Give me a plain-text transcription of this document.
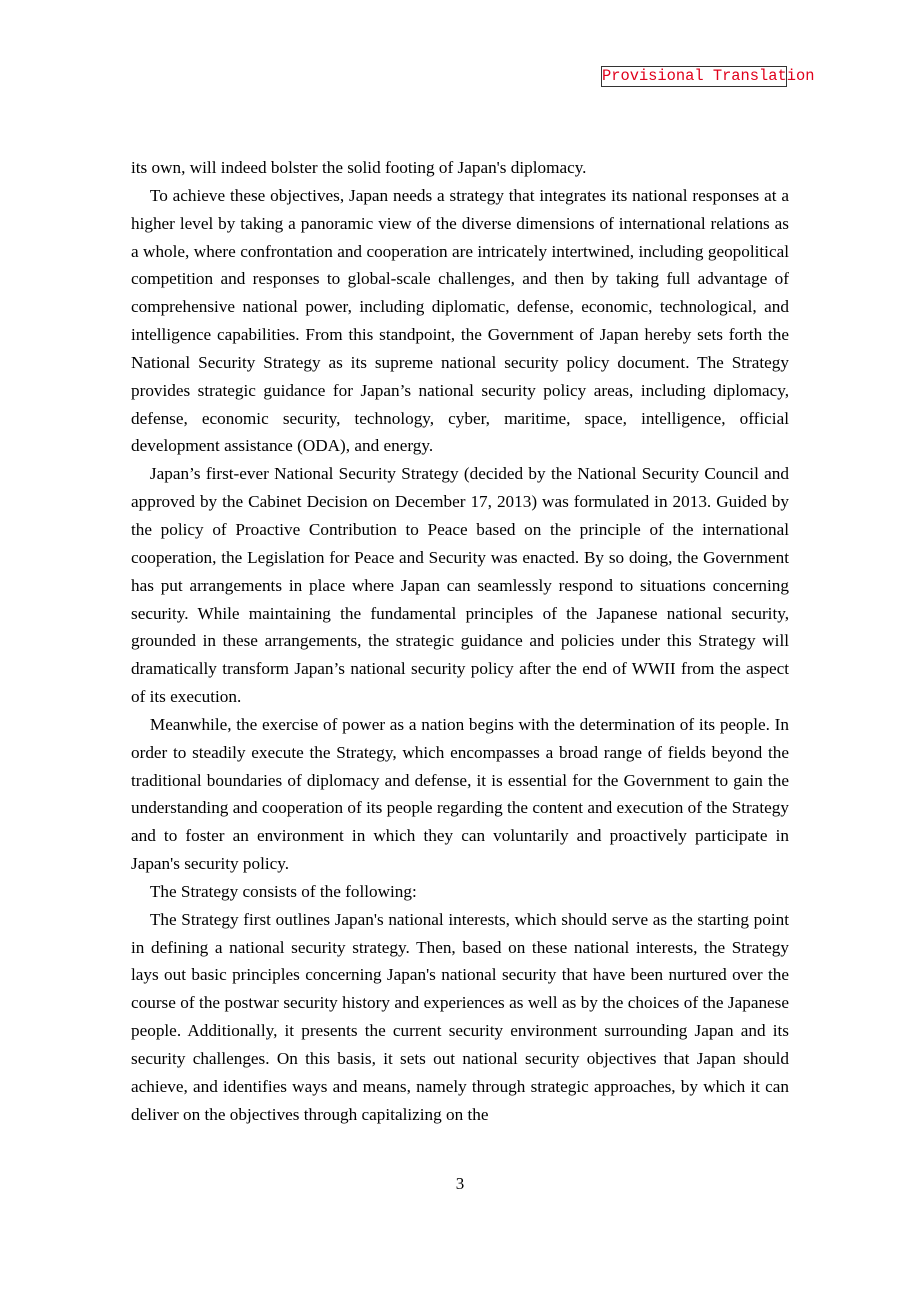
Provisional Translation

its own, will indeed bolster the solid footing of Japan's diplomacy.

To achieve these objectives, Japan needs a strategy that integrates its national responses at a higher level by taking a panoramic view of the diverse dimensions of international relations as a whole, where confrontation and cooperation are intricately intertwined, including geopolitical competition and responses to global-scale challenges, and then by taking full advantage of comprehensive national power, including diplomatic, defense, economic, technological, and intelligence capabilities. From this standpoint, the Government of Japan hereby sets forth the National Security Strategy as its supreme national security policy document. The Strategy provides strategic guidance for Japan’s national security policy areas, including diplomacy, defense, economic security, technology, cyber, maritime, space, intelligence, official development assistance (ODA), and energy.

Japan’s first-ever National Security Strategy (decided by the National Security Council and approved by the Cabinet Decision on December 17, 2013) was formulated in 2013. Guided by the policy of Proactive Contribution to Peace based on the principle of the international cooperation, the Legislation for Peace and Security was enacted. By so doing, the Government has put arrangements in place where Japan can seamlessly respond to situations concerning security. While maintaining the fundamental principles of the Japanese national security, grounded in these arrangements, the strategic guidance and policies under this Strategy will dramatically transform Japan’s national security policy after the end of WWII from the aspect of its execution.

Meanwhile, the exercise of power as a nation begins with the determination of its people. In order to steadily execute the Strategy, which encompasses a broad range of fields beyond the traditional boundaries of diplomacy and defense, it is essential for the Government to gain the understanding and cooperation of its people regarding the content and execution of the Strategy and to foster an environment in which they can voluntarily and proactively participate in Japan's security policy.

The Strategy consists of the following:

The Strategy first outlines Japan's national interests, which should serve as the starting point in defining a national security strategy. Then, based on these national interests, the Strategy lays out basic principles concerning Japan's national security that have been nurtured over the course of the postwar security history and experiences as well as by the choices of the Japanese people. Additionally, it presents the current security environment surrounding Japan and its security challenges. On this basis, it sets out national security objectives that Japan should achieve, and identifies ways and means, namely through strategic approaches, by which it can deliver on the objectives through capitalizing on the

3
